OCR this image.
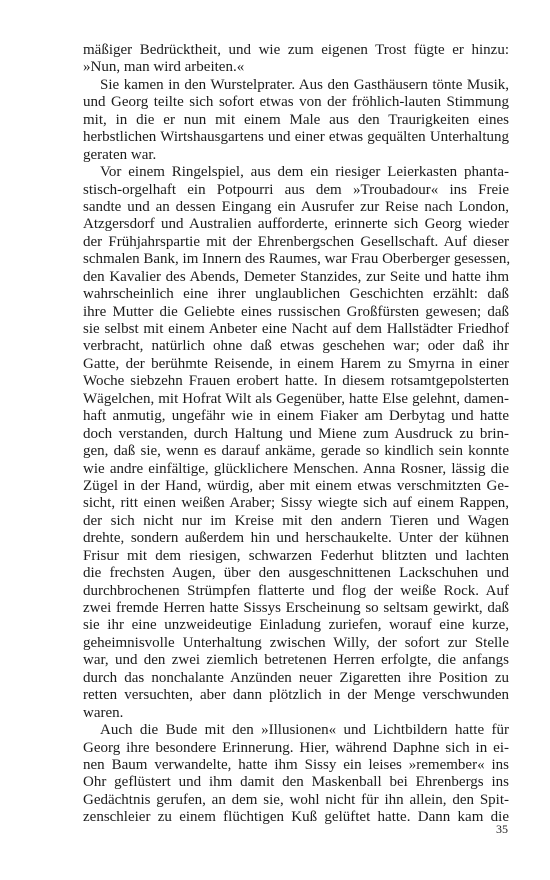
mäßiger Bedrücktheit, und wie zum eigenen Trost fügte er hinzu:
»Nun, man wird arbeiten.«
Sie kamen in den Wurstelprater. Aus den Gasthäusern tönte Musik,
und Georg teilte sich sofort etwas von der fröhlich-lauten Stimmung
mit, in die er nun mit einem Male aus den Traurigkeiten eines
herbstlichen Wirtshausgartens und einer etwas gequälten Unterhaltung
geraten war.
Vor einem Ringelspiel, aus dem ein riesiger Leierkasten phanta-
stisch-orgelhaft ein Potpourri aus dem »Troubadour« ins Freie
sandte und an dessen Eingang ein Ausrufer zur Reise nach London,
Atzgersdorf und Australien aufforderte, erinnerte sich Georg wieder
der Frühjahrspartie mit der Ehrenbergschen Gesellschaft. Auf dieser
schmalen Bank, im Innern des Raumes, war Frau Oberberger gesessen,
den Kavalier des Abends, Demeter Stanzides, zur Seite und hatte ihm
wahrscheinlich eine ihrer unglaublichen Geschichten erzählt: daß
ihre Mutter die Geliebte eines russischen Großfürsten gewesen; daß
sie selbst mit einem Anbeter eine Nacht auf dem Hallstädter Friedhof
verbracht, natürlich ohne daß etwas geschehen war; oder daß ihr
Gatte, der berühmte Reisende, in einem Harem zu Smyrna in einer
Woche siebzehn Frauen erobert hatte. In diesem rotsamtgepolsterten
Wägelchen, mit Hofrat Wilt als Gegenüber, hatte Else gelehnt, damen-
haft anmutig, ungefähr wie in einem Fiaker am Derbytag und hatte
doch verstanden, durch Haltung und Miene zum Ausdruck zu brin-
gen, daß sie, wenn es darauf ankäme, gerade so kindlich sein konnte
wie andre einfältige, glücklichere Menschen. Anna Rosner, lässig die
Zügel in der Hand, würdig, aber mit einem etwas verschmitzten Ge-
sicht, ritt einen weißen Araber; Sissy wiegte sich auf einem Rappen,
der sich nicht nur im Kreise mit den andern Tieren und Wagen
drehte, sondern außerdem hin und herschaukelte. Unter der kühnen
Frisur mit dem riesigen, schwarzen Federhut blitzten und lachten
die frechsten Augen, über den ausgeschnittenen Lackschuhen und
durchbrochenen Strümpfen flatterte und flog der weiße Rock. Auf
zwei fremde Herren hatte Sissys Erscheinung so seltsam gewirkt, daß
sie ihr eine unzweideutige Einladung zuriefen, worauf eine kurze,
geheimnisvolle Unterhaltung zwischen Willy, der sofort zur Stelle
war, und den zwei ziemlich betretenen Herren erfolgte, die anfangs
durch das nonchalante Anzünden neuer Zigaretten ihre Position zu
retten versuchten, aber dann plötzlich in der Menge verschwunden
waren.
Auch die Bude mit den »Illusionen« und Lichtbildern hatte für
Georg ihre besondere Erinnerung. Hier, während Daphne sich in ei-
nen Baum verwandelte, hatte ihm Sissy ein leises »remember« ins
Ohr geflüstert und ihm damit den Maskenball bei Ehrenbergs ins
Gedächtnis gerufen, an dem sie, wohl nicht für ihn allein, den Spit-
zenschleier zu einem flüchtigen Kuß gelüftet hatte. Dann kam die
35
